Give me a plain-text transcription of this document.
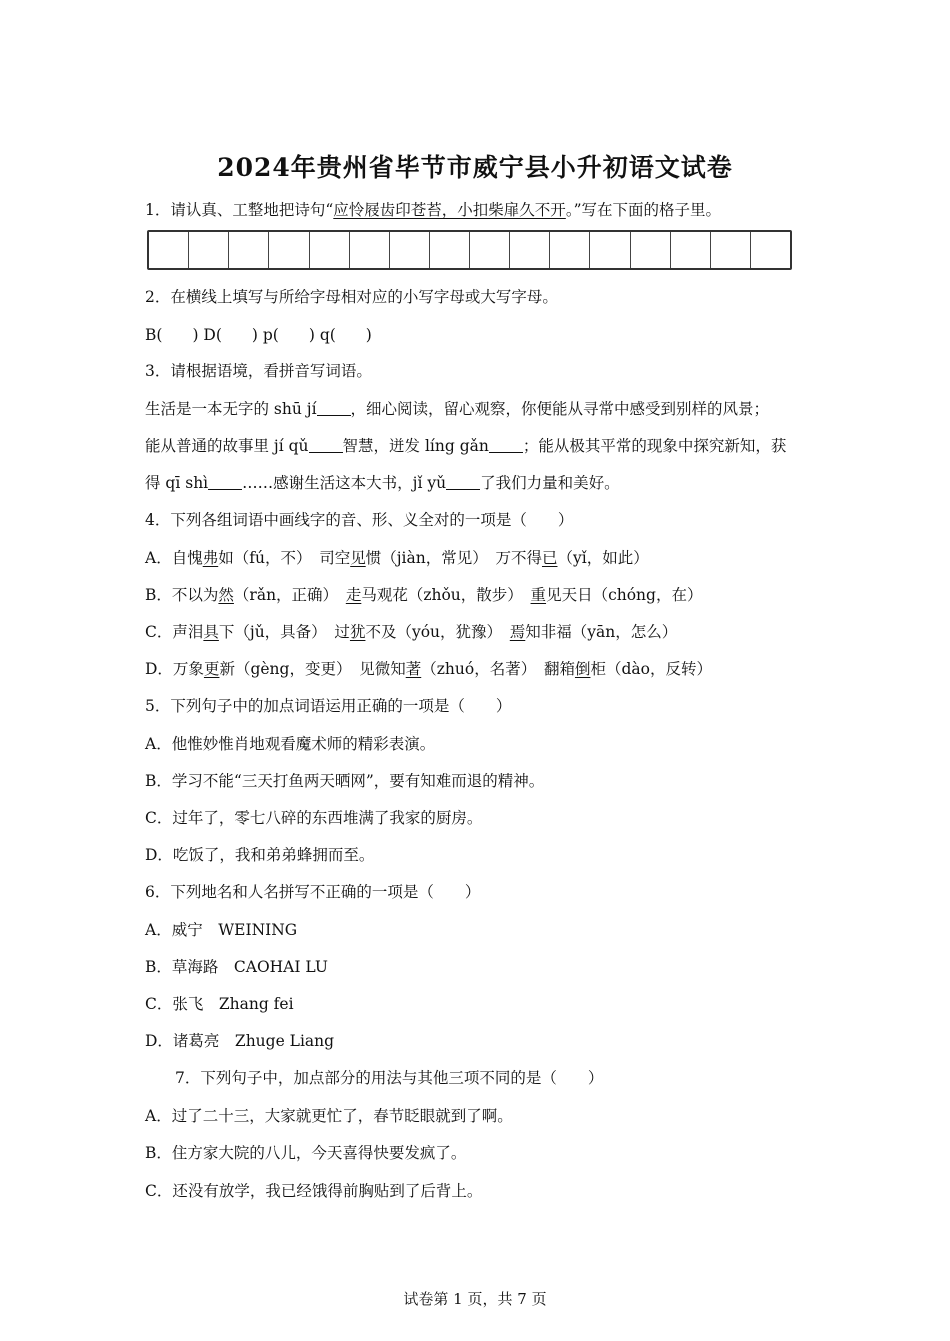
2024年贵州省毕节市威宁县小升初语文试卷
1．请认真、工整地把诗句“应怜屐齿印苍苔，小扣柴扉久不开。”写在下面的格子里。
2．在横线上填写与所给字母相对应的小写字母或大写字母。
B( ) D( ) p( ) q( )
3．请根据语境，看拼音写词语。
生活是一本无字的 shū jí ，细心阅读，留心观察，你便能从寻常中感受到别样的风景；
能从普通的故事里 jí qǔ 智慧，迸发 líng gǎn ；能从极其平常的现象中探究新知，获
得 qī shì ……感谢生活这本大书，jǐ yǔ 了我们力量和美好。
4．下列各组词语中画线字的音、形、义全对的一项是（　　）
A．自愧弗如（fú，不）　司空见惯（jiàn，常见）　万不得已（yǐ，如此）
B．不以为然（rǎn，正确）　走马观花（zhǒu，散步）　重见天日（chóng，在）
C．声泪具下（jǔ，具备）　过犹不及（yóu，犹豫）　焉知非福（yān，怎么）
D．万象更新（gèng，变更）　见微知著（zhuó，名著）　翻箱倒柜（dào，反转）
5．下列句子中的加点词语运用正确的一项是（　　）
A．他惟妙惟肖地观看魔术师的精彩表演。
B．学习不能“三天打鱼两天晒网”，要有知难而退的精神。
C．过年了，零七八碎的东西堆满了我家的厨房。
D．吃饭了，我和弟弟蜂拥而至。
6．下列地名和人名拼写不正确的一项是（　　）
A．威宁　WEINING
B．草海路　CAOHAI LU
C．张飞　Zhang fei
D．诸葛亮　Zhuge Liang
7．下列句子中，加点部分的用法与其他三项不同的是（　　）
A．过了二十三，大家就更忙了，春节眨眼就到了啊。
B．住方家大院的八儿，今天喜得快要发疯了。
C．还没有放学，我已经饿得前胸贴到了后背上。
试卷第 1 页，共 7 页
